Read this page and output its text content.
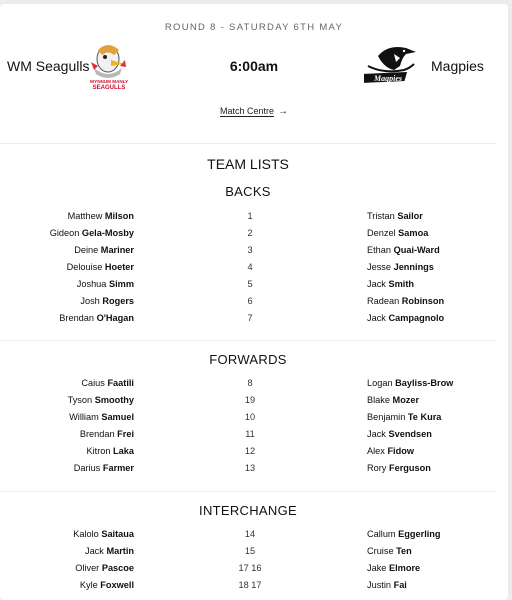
ROUND 8 - SATURDAY 6TH MAY
WM Seagulls
WYNNUM MANLY
SEAGULLS
6:00am
Magpies
Magpies
Match Centre →
TEAM LISTS
BACKS
Matthew Milson	1	Tristan Sailor
Gideon Gela-Mosby	2	Denzel Samoa
Deine Mariner	3	Ethan Quai-Ward
Delouise Hoeter	4	Jesse Jennings
Joshua Simm	5	Jack Smith
Josh Rogers	6	Radean Robinson
Brendan O'Hagan	7	Jack Campagnolo
FORWARDS
Caius Faatili	8	Logan Bayliss-Brow
Tyson Smoothy	19	Blake Mozer
William Samuel	10	Benjamin Te Kura
Brendan Frei	11	Jack Svendsen
Kitron Laka	12	Alex Fidow
Darius Farmer	13	Rory Ferguson
INTERCHANGE
Kalolo Saitaua	14	Callum Eggerling
Jack Martin	15	Cruise Ten
Oliver Pascoe	17 16	Jake Elmore
Kyle Foxwell	18 17	Justin Fai
